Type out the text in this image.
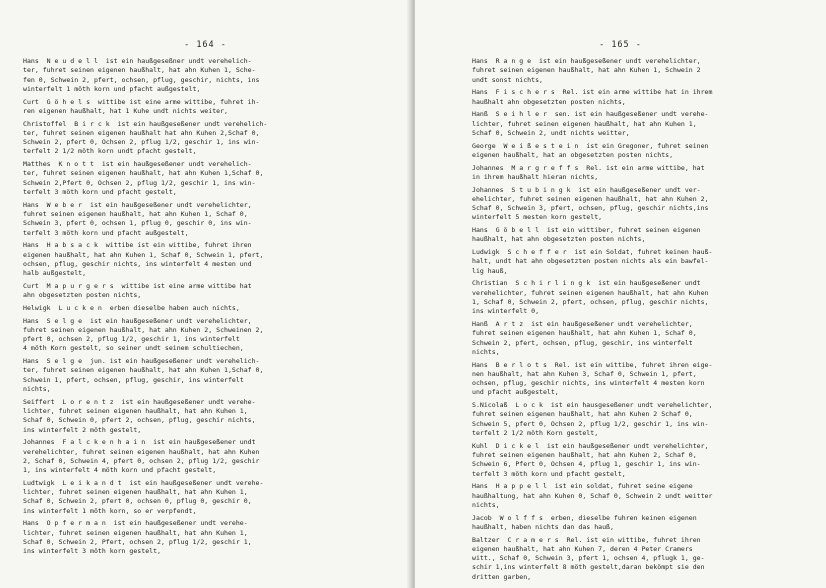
- 164 -
Hans  N e u d e l l  ist ein haußgeseßner undt verehelich-
ter, fuhret seinen eigenen haußhalt, hat ahn Kuhen 1, Sche-
fen 0, Schwein 2, pfert, ochsen, pflug, geschir, nichts, ins
winterfelt 1 möth korn und pfacht außgestelt,
Curt  G ö h e l s  wittibe ist eine arme wittibe, fuhret ih-
ren eigenen haußhalt, hat 1 Kuhe undt nichts weiter,
Christoffel  B i r c k  ist ein haußgeseßener undt verehelich-
ter, fuhret seinen eigenen haußhalt hat ahn Kuhen 2,Schaf 0,
Schwein 2, pfert 0, Ochsen 2, pflug 1/2, geschir 1, ins win-
terfelt 2 1/2 möth korn undt pfacht gestelt,
Matthes  K n o t t  ist ein haußgeseßener undt verehelich-
ter, fuhret seinen eigenen haußhalt, hat ahn Kuhen 1,Schaf 0,
Schwein 2,Pfert 0, Ochsen 2, pflug 1/2, geschir 1, ins win-
terfelt 3 möth korn und pfacht gestelt,
Hans  W e b e r  ist ein haußgeseßener undt verehelichter,
fuhret seinen eigenen haußhalt, hat ahn Kuhen 1, Schaf 0,
Schwein 3, pfert 0, ochsen 1, pflug 0, geschir 0, ins win-
terfelt 3 möth korn und pfacht außgestelt,
Hans  H a b s a c k  wittibe ist ein wittibe, fuhret ihren
eigenen haußhalt, hat ahn Kuhen 1, Schaf 0, Schwein 1, pfert,
ochsen, pflug, geschir nichts, ins winterfelt 4 mesten und
halb außgestelt,
Curt  M a p u r g e r s  wittibe ist eine arme wittibe hat
ahn obgesetzten posten nichts,
Helwigk  L u c k e n  erben dieselbe haben auch nichts,
Hans  S e l g e  ist ein haußgeseßener undt verehelichter,
fuhret seinen eigenen haußhalt, hat ahn Kuhen 2, Schweinen 2,
pfert 0, ochsen 2, pflug 1/2, geschir 1, ins winterfelt
4 möth Korn gestelt, so seiner undt seinem schultiechen,
Hans  S e l g e  jun. ist ein haußgeseßener undt verehelich-
ter, fuhret seinen eigenen haußhalt, hat ahn Kuhen 1,Schaf 0,
Schwein 1, pfert, ochsen, pflug, geschir, ins winterfelt
nichts,
Seiffert  L o r e n t z  ist ein haußgeseßener undt verehe-
lichter, fuhret seinen eigenen haußhalt, hat ahn Kuhen 1,
Schaf 0, Schwein 0, pfert 2, ochsen, pflug, geschir nichts,
ins winterfelt 2 möth gestelt,
Johannes  F a l c k e n h a i n  ist ein haußgeseßener undt
verehelichter, fuhret seinen eigenen haußhalt, hat ahn Kuhen
2, Schaf 0, Schwein 4, pfert 0, ochsen 2, pflug 1/2, geschir
1, ins winterfelt 4 möth korn und pfacht gestelt,
Ludtwigk  L e i k a n d t  ist ein haußgeseßener undt verehe-
lichter, fuhret seinen eigenen haußhalt, hat ahn Kuhen 1,
Schaf 0, Schwein 2, pfert 0, ochsen 0, pflug 0, geschir 0,
ins winterfelt 1 möth korn, so er verpfendt,
Hans  O p f e r m a n  ist ein haußgeseßener undt verehe-
lichter, fuhret seinen eigenen haußhalt, hat ahn Kuhen 1,
Schaf 0, Schwein 2, Pfert, ochsen 2, pflug 1/2, geschir 1,
ins winterfelt 3 möth korn gestelt,
- 165 -
Hans  R a n g e  ist ein haußgeseßener undt verehelichter,
fuhret seinen eigenen haußhalt, hat ahn Kuhen 1, Schwein 2
undt sonst nichts,
Hans  F i s c h e r s  Rel. ist ein arme wittibe hat in ihrem
haußhalt ahn obgesetzten posten nichts,
Hanß  S e i h l e r  sen. ist ein haußgeseßener undt verehe-
lichter, fuhret seinen eigenen haußhalt, hat ahn Kuhen 1,
Schaf 0, Schwein 2, undt nichts weitter,
George  W e i ß e s t e i n  ist ein Gregoner, fuhret seinen
eigenen haußhalt, hat an obgesetzten posten nichts,
Johannes  M a r g r e f f s  Rel. ist ein arme wittibe, hat
in ihrem haußhalt hieran nichts,
Johannes  S t u b i n g k  ist ein haußgeseßener undt ver-
ehelichter, fuhret seinen eigenen haußhalt, hat ahn Kuhen 2,
Schaf 0, Schwein 3, pfert, ochsen, pflug, geschir nichts,ins
winterfelt 5 mesten korn gestelt,
Hans  G ö b e l l  ist ein wittiber, fuhret seinen eigenen
haußhalt, hat ahn obgesetzten posten nichts,
Ludwigk  S c h e f f e r  ist ein Soldat, fuhret keinen hauß-
halt, undt hat ahn obgesetzten posten nichts als ein bawfel-
lig hauß,
Christian  S c h i r l i n g k  ist ein haußgeseßener undt
verehelichter, fuhret seinen eigenen haußhalt, hat ahn Kuhen
1, Schaf 0, Schwein 2, pfert, ochsen, pflug, geschir nichts,
ins winterfelt 0,
Hanß  A r t z  ist ein haußgeseßener undt verehelichter,
fuhret seinen eigenen haußhalt, hat ahn Kuhen 1, Schaf 0,
Schwein 2, pfert, ochsen, pflug, geschir, ins winterfelt
nichts,
Hans  B e r l o t s  Rel. ist ein wittibe, fuhret ihren eige-
nen haußhalt, hat ahn Kuhen 3, Schaf 0, Schwein 1, pfert,
ochsen, pflug, geschir nichts, ins winterfelt 4 mesten korn
und pfacht außgestelt,
S.Nicolaß  L o c k  ist ein hausgeseßener undt verehelichter,
fuhret seinen eigenen haußhalt, hat ahn Kuhen 2 Schaf 0,
Schwein 5, pfert 0, Ochsen 2, pflug 1/2, geschir 1, ins win-
terfelt 2 1/2 möth Korn gestelt,
Kuhl  D i c k e l  ist ein haußgeseßener undt verehelichter,
fuhret seinen eigenen haußhalt, hat ahn Kuhen 2, Schaf 0,
Schwein 6, Pfert 0, Ochsen 4, pflug 1, geschir 1, ins win-
terfelt 3 möth korn und pfacht gestelt,
Hans  H a p p e l l  ist ein soldat, fuhret seine eigene
haußhaltung, hat ahn Kuhen 0, Schaf 0, Schwein 2 undt weitter
nichts,
Jacob  W o l f f s  erben, dieselbe fuhren keinen eigenen
haußhalt, haben nichts dan das hauß,
Baltzer  C r a m e r s  Rel. ist ein wittibe, fuhret ihren
eigenen haußhalt, hat ahn Kuhen 7, deren 4 Peter Cramers
witt., Schaf 0, Schwein 3, pfert 1, ochsen 4, pflugk 1, ge-
schir 1,ins winterfelt 8 möth gestelt,daran bekömpt sie den
dritten garben,
